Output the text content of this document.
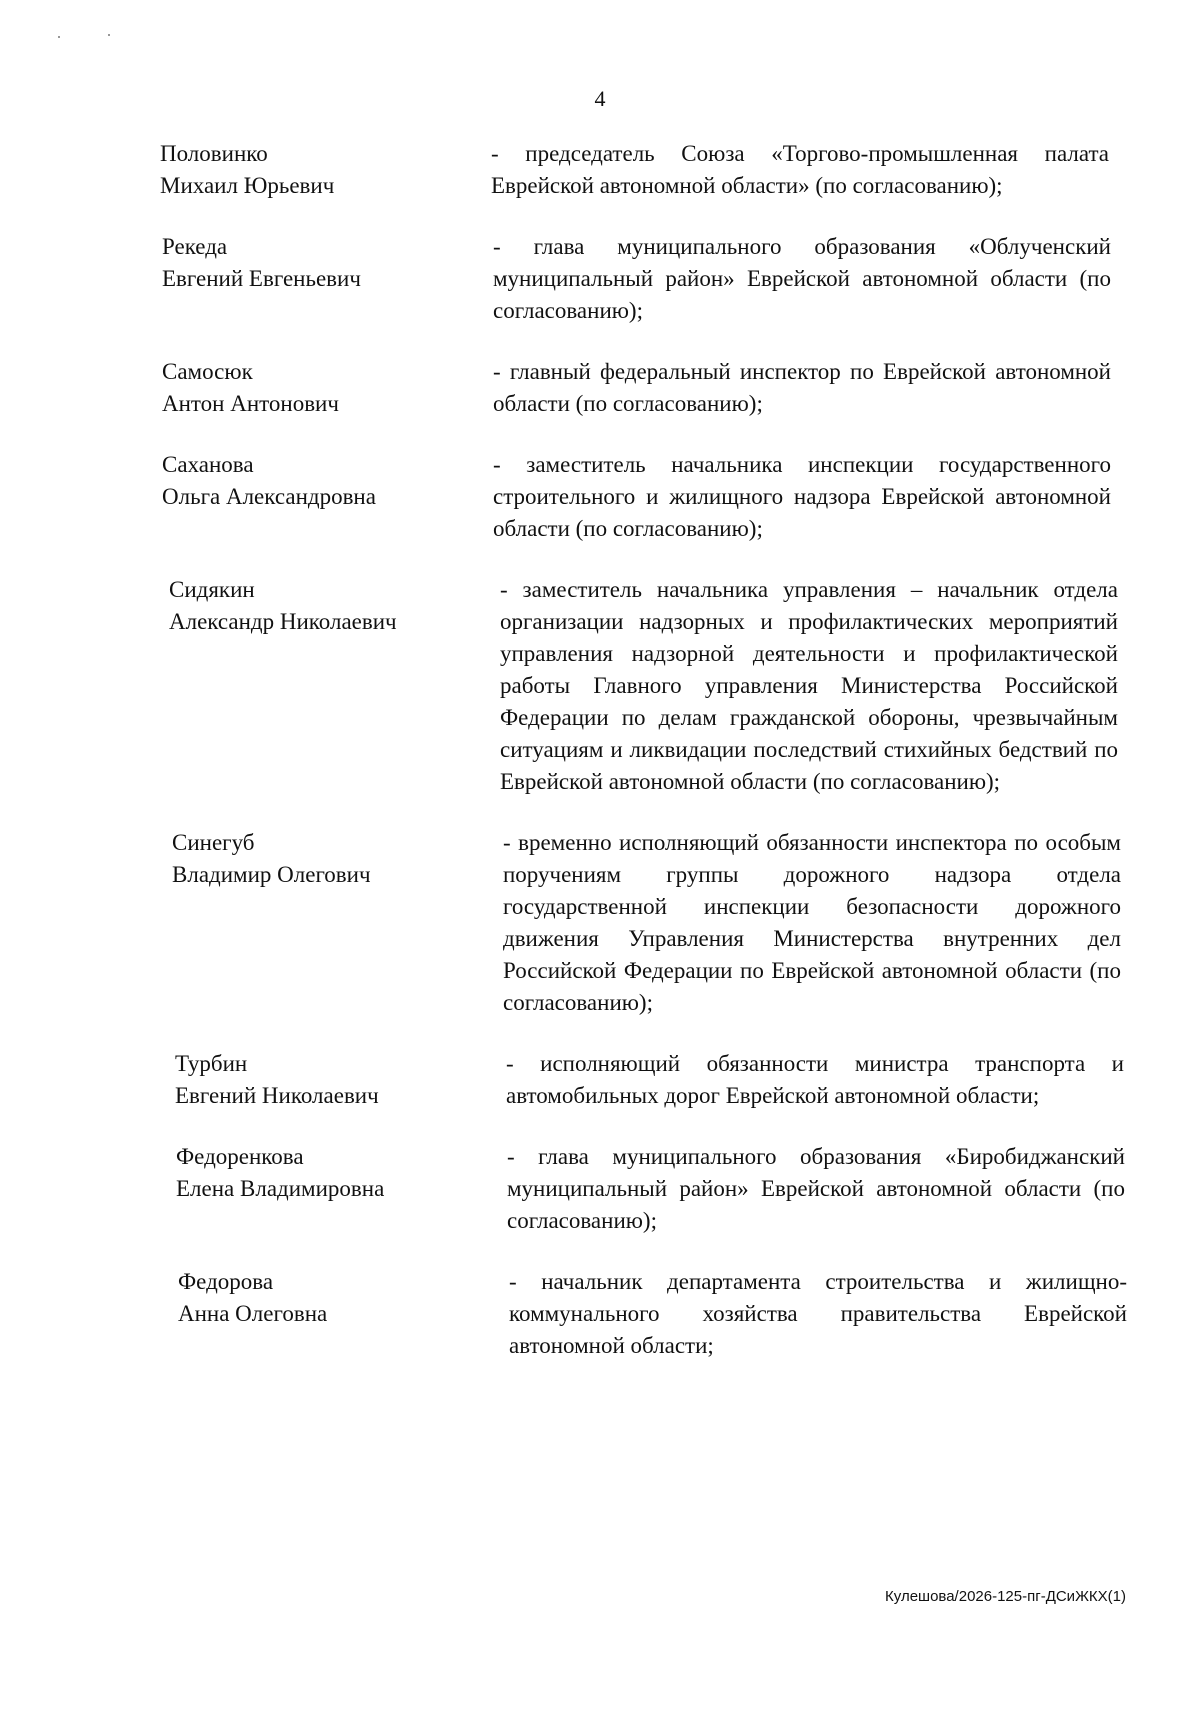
4
Половинко
Михаил Юрьевич
- председатель Союза «Торгово-промышленная палата Еврейской автономной области» (по согласованию);
Рекеда
Евгений Евгеньевич
- глава муниципального образования «Облученский муниципальный район» Еврейской автономной области (по согласованию);
Самосюк
Антон Антонович
- главный федеральный инспектор по Еврейской автономной области (по согласованию);
Саханова
Ольга Александровна
- заместитель начальника инспекции государственного строительного и жилищного надзора Еврейской автономной области (по согласованию);
Сидякин
Александр Николаевич
- заместитель начальника управления – начальник отдела организации надзорных и профилактических мероприятий управления надзорной деятельности и профилактической работы Главного управления Министерства Российской Федерации по делам гражданской обороны, чрезвычайным ситуациям и ликвидации последствий стихийных бедствий по Еврейской автономной области (по согласованию);
Синегуб
Владимир Олегович
- временно исполняющий обязанности инспектора по особым поручениям группы дорожного надзора отдела государственной инспекции безопасности дорожного движения Управления Министерства внутренних дел Российской Федерации по Еврейской автономной области (по согласованию);
Турбин
Евгений Николаевич
- исполняющий обязанности министра транспорта и автомобильных дорог Еврейской автономной области;
Федоренкова
Елена Владимировна
- глава муниципального образования «Биробиджанский муниципальный район» Еврейской автономной области (по согласованию);
Федорова
Анна Олеговна
- начальник департамента строительства и жилищно-коммунального хозяйства правительства Еврейской автономной области;
Кулешова/2026-125-пг-ДСиЖКХ(1)
